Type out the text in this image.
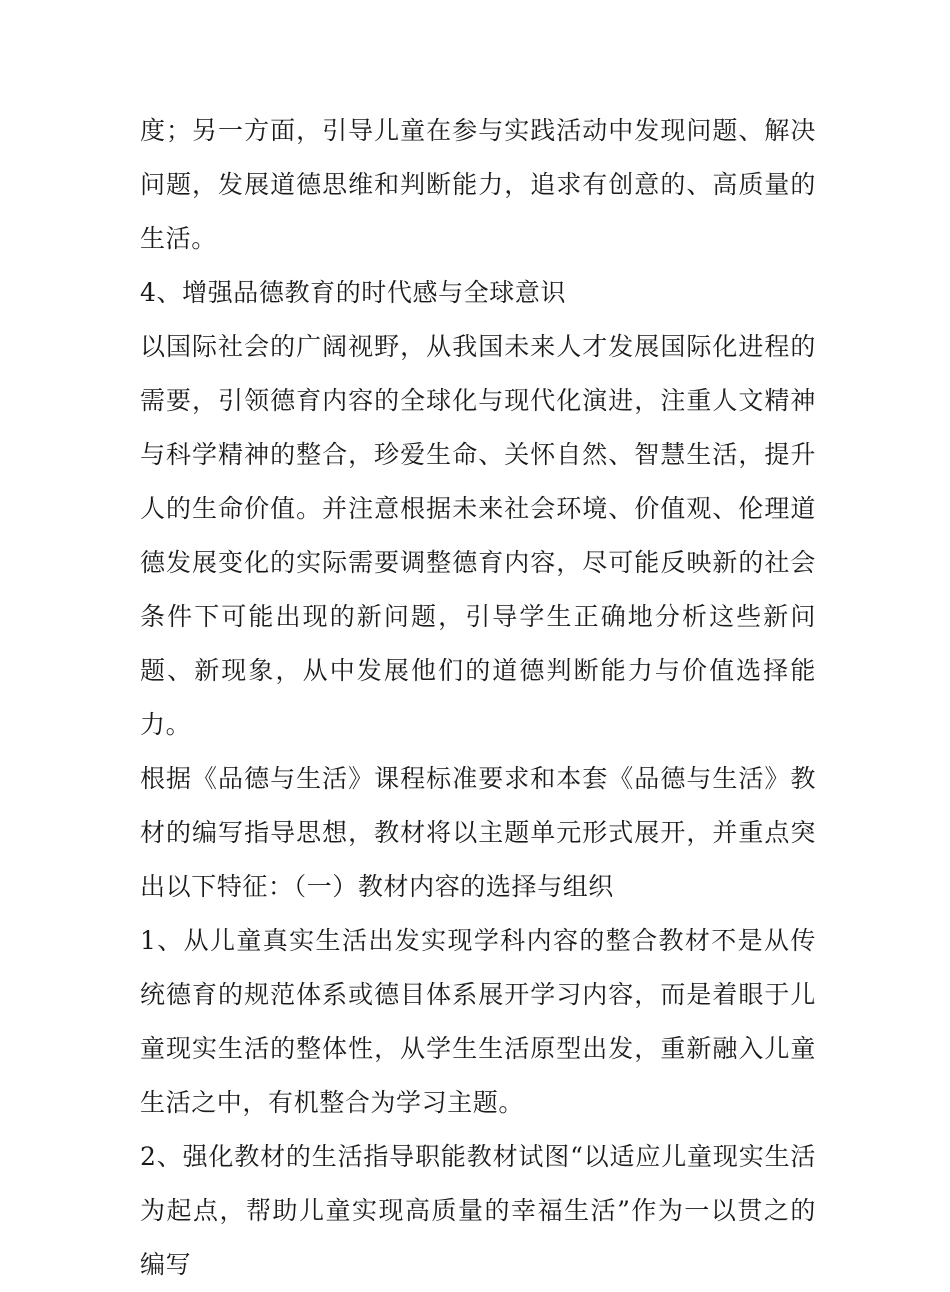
度；另一方面，引导儿童在参与实践活动中发现问题、解决问题，发展道德思维和判断能力，追求有创意的、高质量的生活。

4、增强品德教育的时代感与全球意识

以国际社会的广阔视野，从我国未来人才发展国际化进程的需要，引领德育内容的全球化与现代化演进，注重人文精神与科学精神的整合，珍爱生命、关怀自然、智慧生活，提升人的生命价值。并注意根据未来社会环境、价值观、伦理道德发展变化的实际需要调整德育内容，尽可能反映新的社会条件下可能出现的新问题，引导学生正确地分析这些新问题、新现象，从中发展他们的道德判断能力与价值选择能力。

根据《品德与生活》课程标准要求和本套《品德与生活》教材的编写指导思想，教材将以主题单元形式展开，并重点突出以下特征：（一）教材内容的选择与组织

1、从儿童真实生活出发实现学科内容的整合教材不是从传统德育的规范体系或德目体系展开学习内容，而是着眼于儿童现实生活的整体性，从学生生活原型出发，重新融入儿童生活之中，有机整合为学习主题。

2、强化教材的生活指导职能教材试图“以适应儿童现实生活为起点，帮助儿童实现高质量的幸福生活”作为一以贯之的编写
